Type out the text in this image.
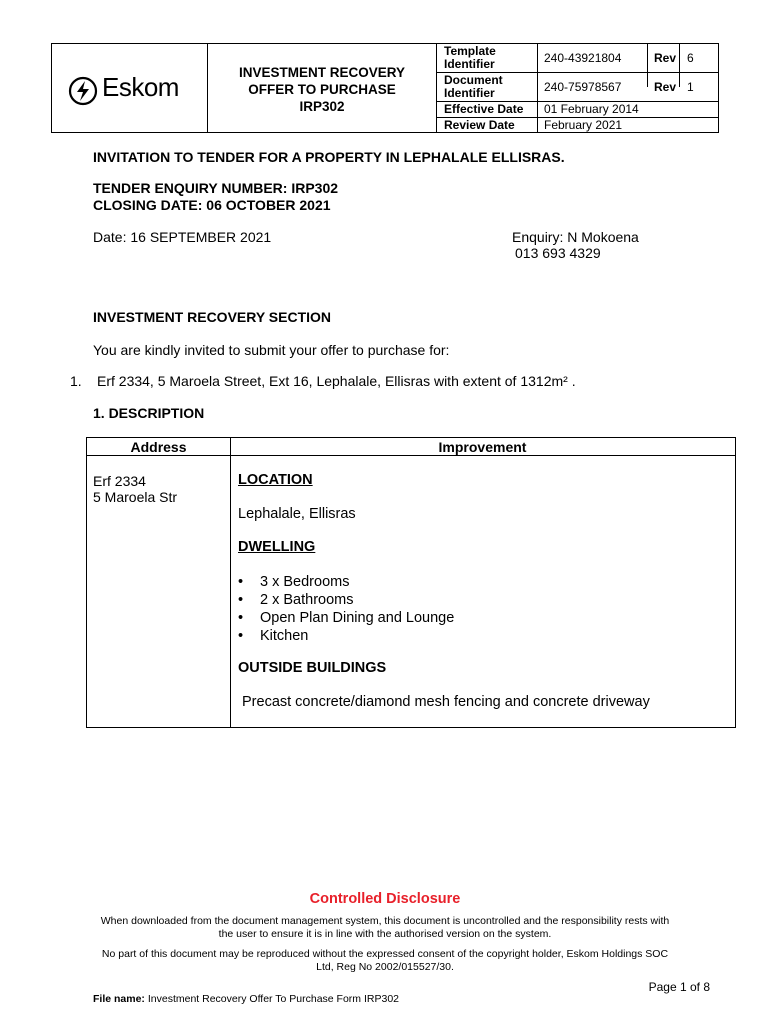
Eskom	INVESTMENT RECOVERY
OFFER TO PURCHASE
IRP302
Template
Identifier	240-43921804	Rev 6
Document
Identifier	240-75978567	Rev 1
Effective Date 01 February 2014
Review Date February 2021
INVITATION TO TENDER FOR A PROPERTY IN LEPHALALE ELLISRAS.
TENDER ENQUIRY NUMBER: IRP302
CLOSING DATE: 06 OCTOBER 2021
Date: 16 SEPTEMBER 2021	Enquiry: N Mokoena
013 693 4329
INVESTMENT RECOVERY SECTION
You are kindly invited to submit your offer to purchase for:
1. Erf 2334, 5 Maroela Street, Ext 16, Lephalale, Ellisras with extent of 1312m² .
1. DESCRIPTION
Address	Improvement
Erf 2334
5 Maroela Str
LOCATION
Lephalale, Ellisras
DWELLING
• 3 x Bedrooms
• 2 x Bathrooms
• Open Plan Dining and Lounge
• Kitchen
OUTSIDE BUILDINGS
Precast concrete/diamond mesh fencing and concrete driveway
Controlled Disclosure
When downloaded from the document management system, this document is uncontrolled and the responsibility rests with
the user to ensure it is in line with the authorised version on the system.
No part of this document may be reproduced without the expressed consent of the copyright holder, Eskom Holdings SOC
Ltd, Reg No 2002/015527/30.
Page 1 of 8
File name: Investment Recovery Offer To Purchase Form IRP302
